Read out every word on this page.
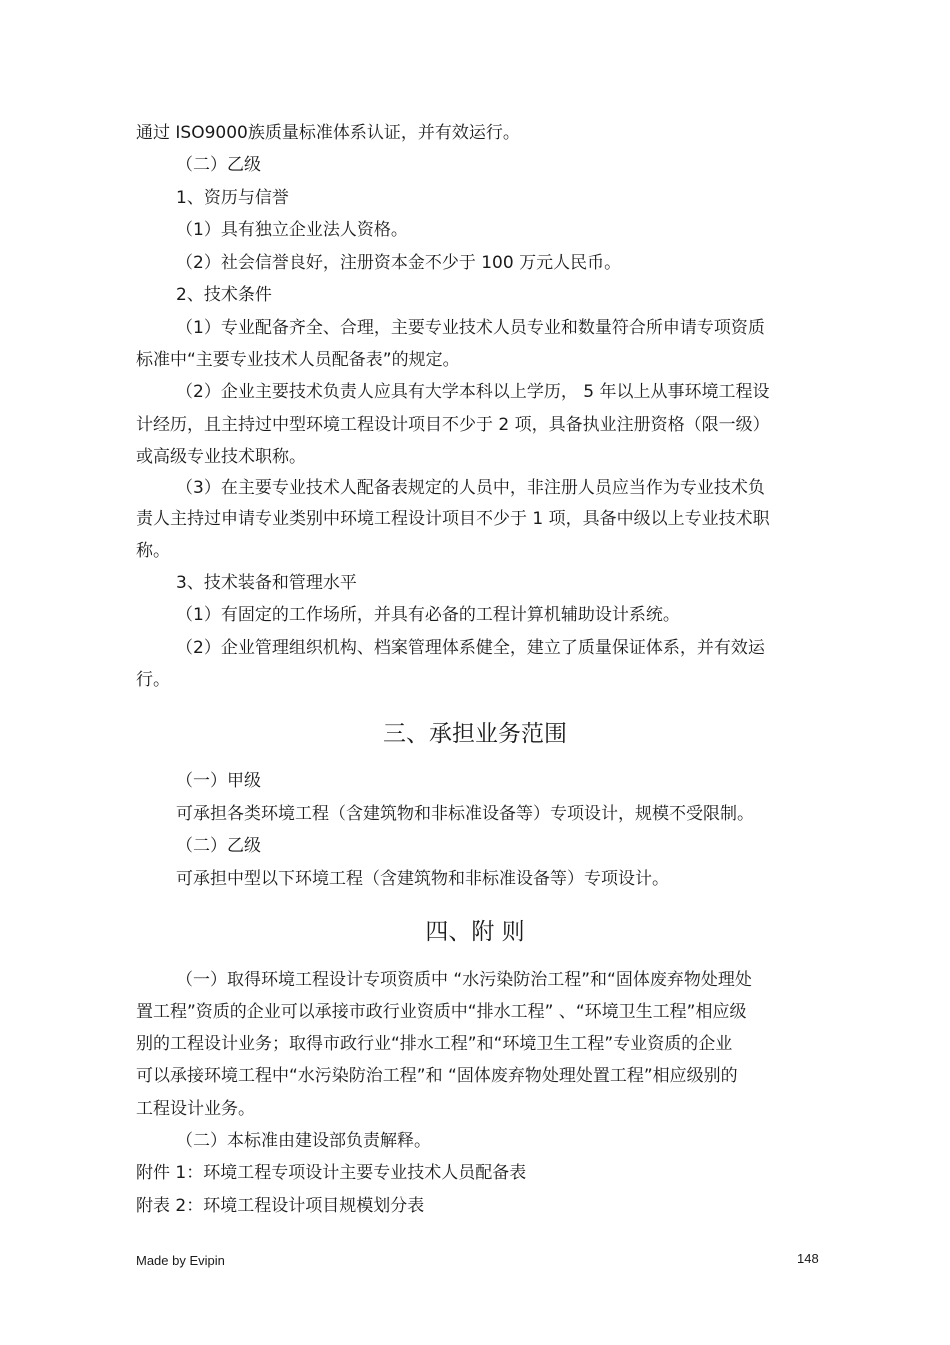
通过 ISO9000族质量标准体系认证，并有效运行。
（二）乙级
1、资历与信誉
（1）具有独立企业法人资格。
（2）社会信誉良好，注册资本金不少于 100 万元人民币。
2、技术条件
（1）专业配备齐全、合理，主要专业技术人员专业和数量符合所申请专项资质
标准中“主要专业技术人员配备表”的规定。
（2）企业主要技术负责人应具有大学本科以上学历， 5 年以上从事环境工程设
计经历，且主持过中型环境工程设计项目不少于 2 项，具备执业注册资格（限一级）
或高级专业技术职称。
（3）在主要专业技术人配备表规定的人员中，非注册人员应当作为专业技术负
责人主持过申请专业类别中环境工程设计项目不少于 1 项，具备中级以上专业技术职
称。
3、技术装备和管理水平
（1）有固定的工作场所，并具有必备的工程计算机辅助设计系统。
（2）企业管理组织机构、档案管理体系健全，建立了质量保证体系，并有效运
行。
三、承担业务范围
（一）甲级
可承担各类环境工程（含建筑物和非标准设备等）专项设计，规模不受限制。
（二）乙级
可承担中型以下环境工程（含建筑物和非标准设备等）专项设计。
四、附 则
（一）取得环境工程设计专项资质中 “水污染防治工程”和“固体废弃物处理处
置工程”资质的企业可以承接市政行业资质中“排水工程” 、“环境卫生工程”相应级
别的工程设计业务；取得市政行业“排水工程”和“环境卫生工程”专业资质的企业
可以承接环境工程中“水污染防治工程”和 “固体废弃物处理处置工程”相应级别的
工程设计业务。
（二）本标准由建设部负责解释。
附件 1：环境工程专项设计主要专业技术人员配备表
附表 2：环境工程设计项目规模划分表
Made by Evipin	148
